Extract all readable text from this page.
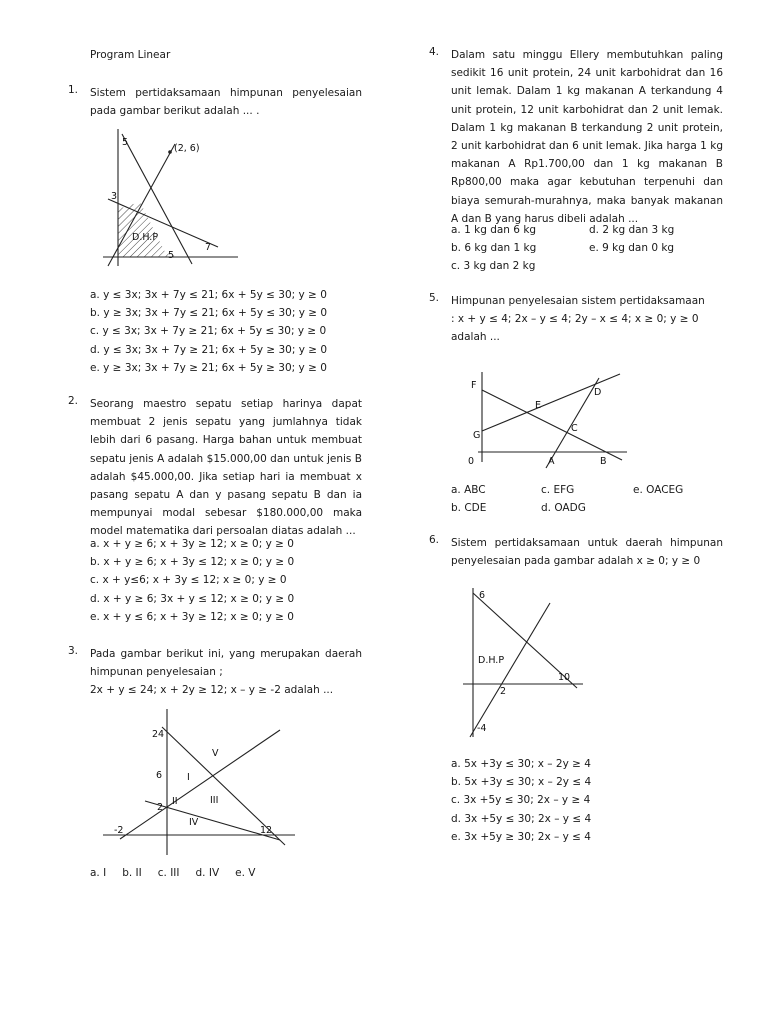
Program Linear
1. Sistem pertidaksamaan himpunan penyelesaian pada gambar berikut adalah ... .
5
3
(2, 6)
D.H.P
5
7
a. y ≤ 3x; 3x + 7y ≤ 21; 6x + 5y ≤ 30; y ≥ 0
b. y ≥ 3x; 3x + 7y ≤ 21; 6x + 5y ≤ 30; y ≥ 0
c. y ≤ 3x; 3x + 7y ≥ 21; 6x + 5y ≤ 30; y ≥ 0
d. y ≤ 3x; 3x + 7y ≥ 21; 6x + 5y ≥ 30; y ≥ 0
e. y ≥ 3x; 3x + 7y ≥ 21; 6x + 5y ≥ 30; y ≥ 0
2. Seorang maestro sepatu setiap harinya dapat membuat 2 jenis sepatu yang jumlahnya tidak lebih dari 6 pasang. Harga bahan untuk membuat sepatu jenis A adalah $15.000,00 dan untuk jenis B adalah $45.000,00. Jika setiap hari ia membuat x pasang sepatu A dan y pasang sepatu B dan ia mempunyai modal sebesar $180.000,00 maka model matematika dari persoalan diatas adalah ...
a. x + y ≥ 6; x + 3y ≥ 12; x ≥ 0; y ≥ 0
b. x + y ≥ 6; x + 3y ≤ 12; x ≥ 0; y ≥ 0
c. x + y≤6; x + 3y ≤ 12; x ≥ 0; y ≥ 0
d. x + y ≥ 6; 3x + y ≤ 12; x ≥ 0; y ≥ 0
e. x + y ≤ 6; x + 3y ≥ 12; x ≥ 0; y ≥ 0
3. Pada gambar berikut ini, yang merupakan daerah himpunan penyelesaian ;
2x + y ≤ 24; x + 2y ≥ 12; x – y ≥ -2 adalah ...
24
6
2
-2	12
I
II	III
IV
V
a. I b. II c. III d. IV e. V
4. Dalam satu minggu Ellery membutuhkan paling sedikit 16 unit protein, 24 unit karbohidrat dan 16 unit lemak. Dalam 1 kg makanan A terkandung 4 unit protein, 12 unit karbohidrat dan 2 unit lemak. Dalam 1 kg makanan B terkandung 2 unit protein, 2 unit karbohidrat dan 6 unit lemak. Jika harga 1 kg makanan A Rp1.700,00 dan 1 kg makanan B Rp800,00 maka agar kebutuhan terpenuhi dan biaya semurah-murahnya, maka banyak makanan A dan B yang harus dibeli adalah ...
a. 1 kg dan 6 kg	d. 2 kg dan 3 kg
b. 6 kg dan 1 kg	e. 9 kg dan 0 kg
c. 3 kg dan 2 kg
5. Himpunan penyelesaian sistem pertidaksamaan
: x + y ≤ 4; 2x – y ≤ 4; 2y – x ≤ 4; x ≥ 0; y ≥ 0
adalah ...
F
D
E
C
G
0	A	B
a. ABC	c. EFG	e. OACEG
b. CDE	d. OADG
6. Sistem pertidaksamaan untuk daerah himpunan penyelesaian pada gambar adalah x ≥ 0; y ≥ 0
6
D.H.P
10
2
-4
a. 5x +3y ≤ 30; x – 2y ≥ 4
b. 5x +3y ≤ 30; x – 2y ≤ 4
c. 3x +5y ≤ 30; 2x – y ≥ 4
d. 3x +5y ≤ 30; 2x – y ≤ 4
e. 3x +5y ≥ 30; 2x – y ≤ 4
